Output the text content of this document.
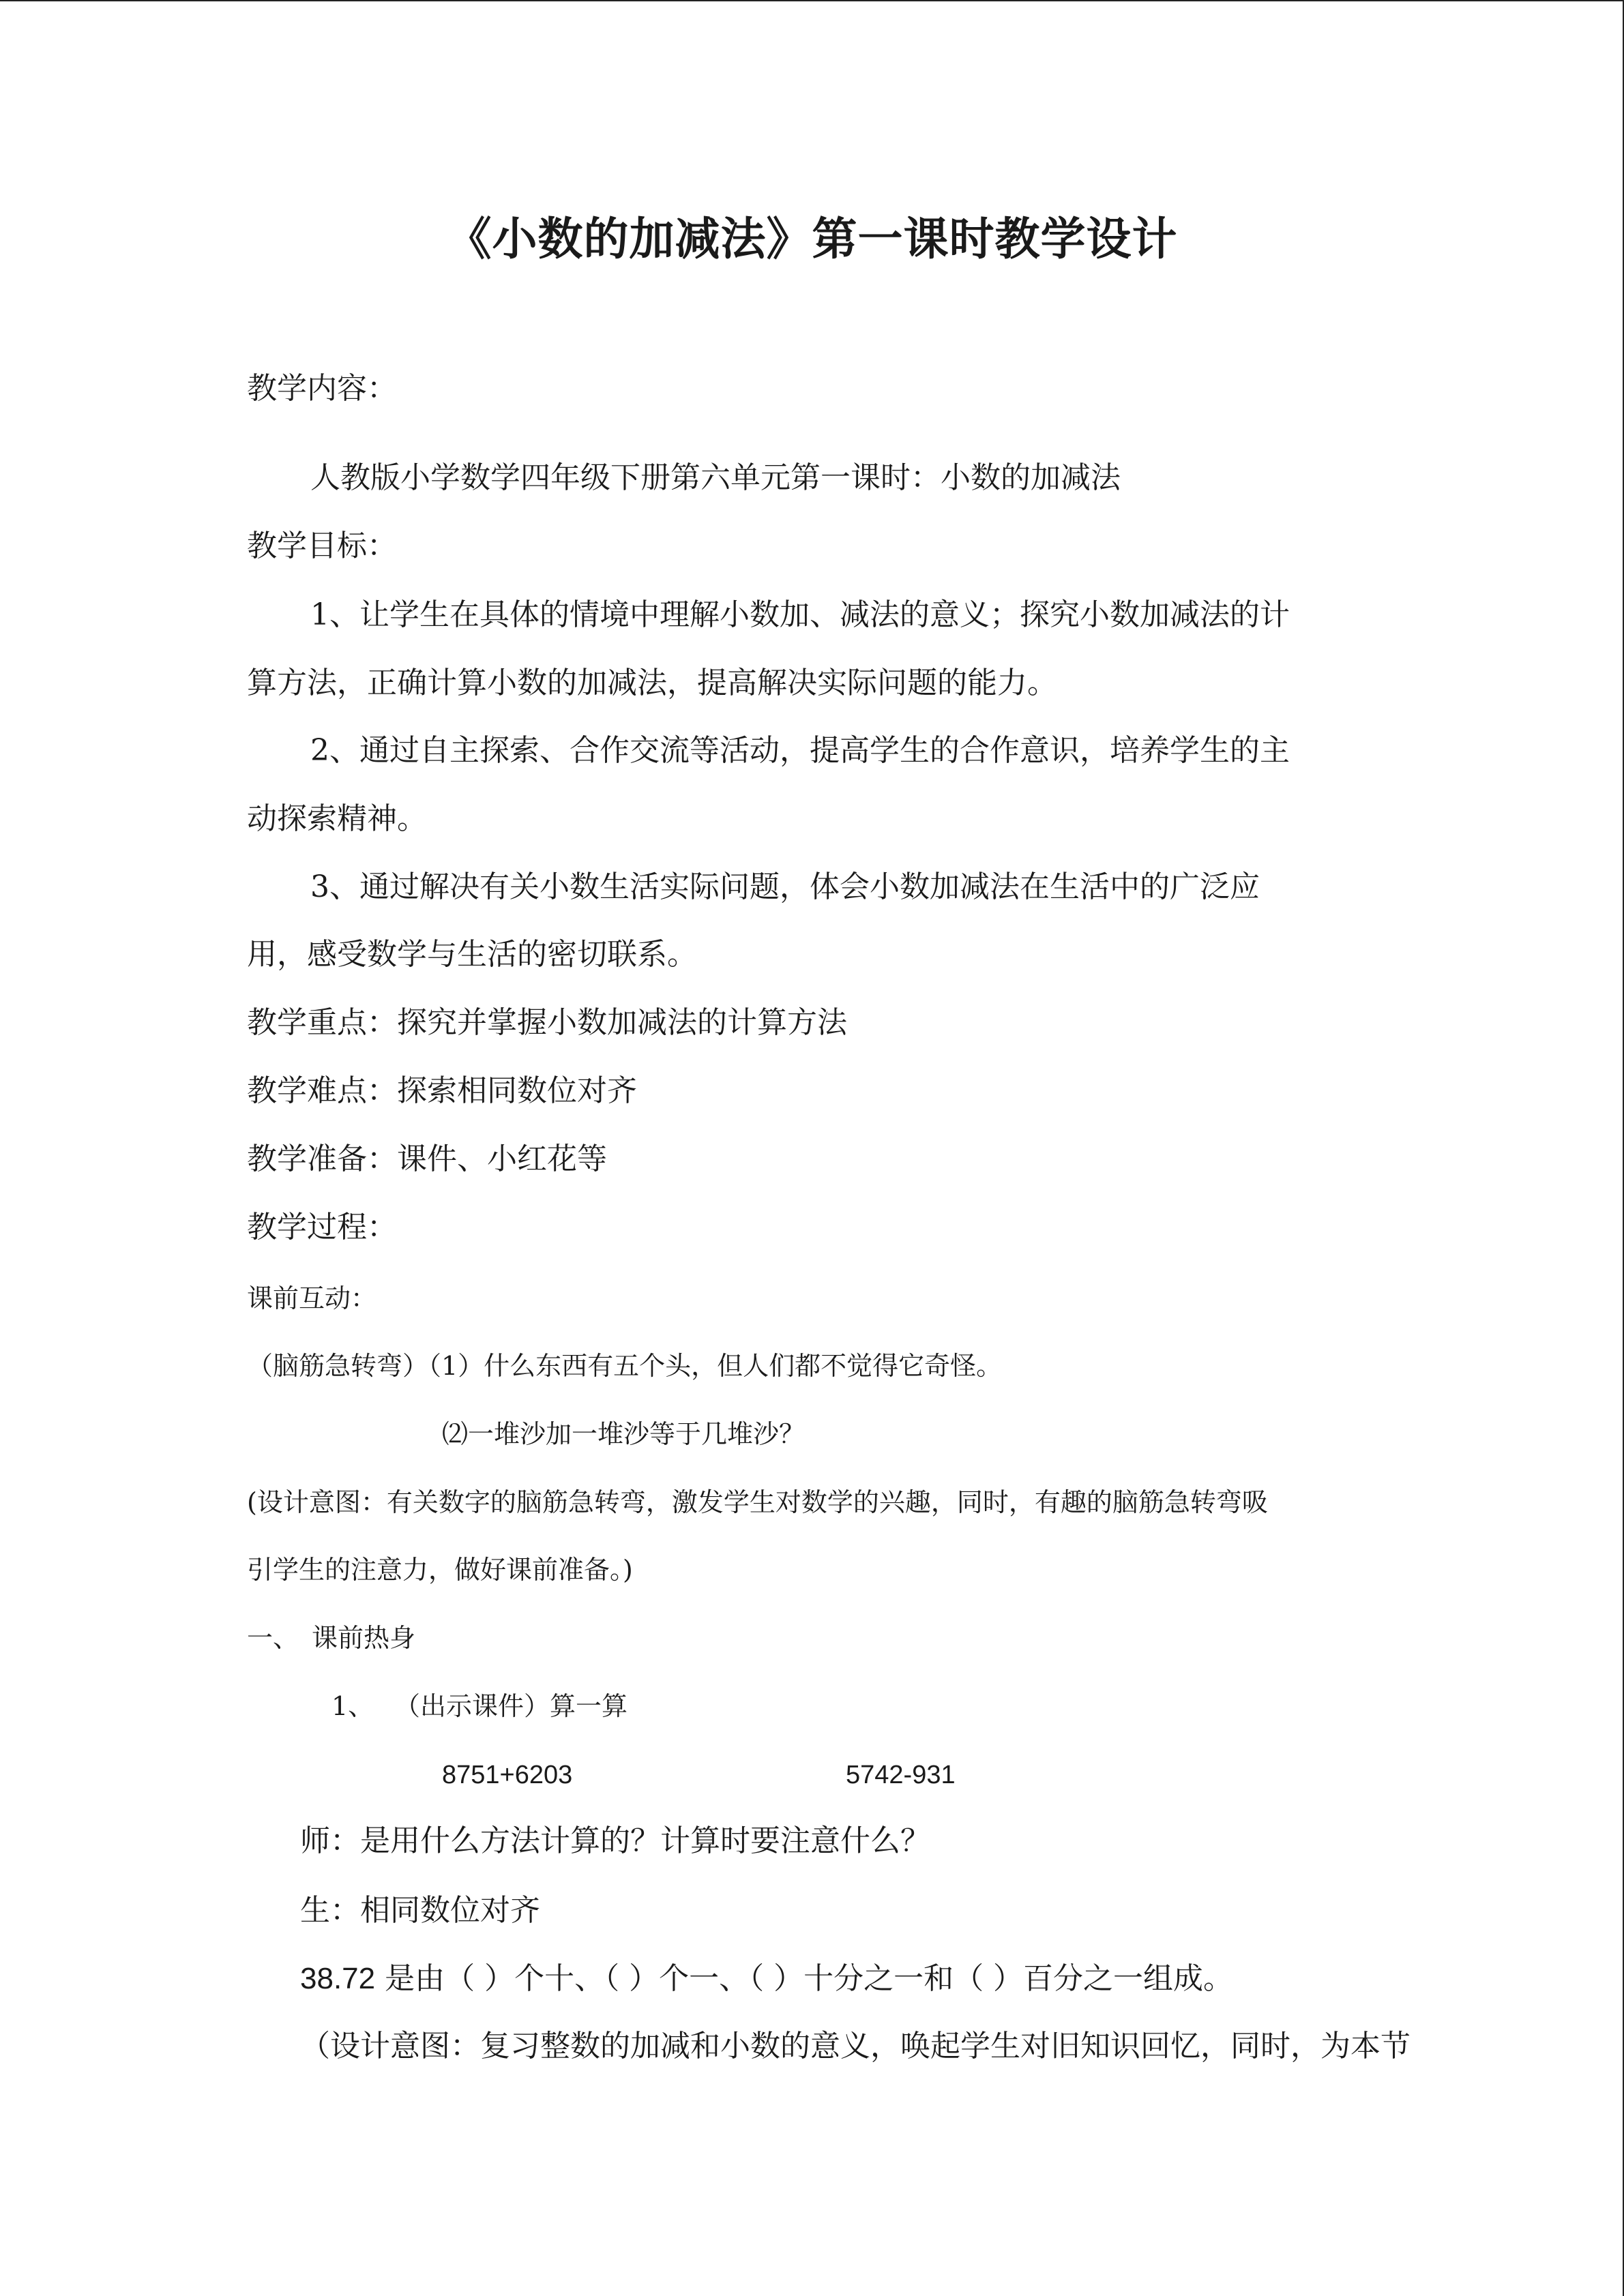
《小数的加减法》第一课时教学设计
教学内容：
人教版小学数学四年级下册第六单元第一课时：小数的加减法
教学目标：
1、让学生在具体的情境中理解小数加、减法的意义；探究小数加减法的计
算方法，正确计算小数的加减法，提高解决实际问题的能力。
2、通过自主探索、合作交流等活动，提高学生的合作意识，培养学生的主
动探索精神。
3、通过解决有关小数生活实际问题，体会小数加减法在生活中的广泛应
用，感受数学与生活的密切联系。
教学重点：探究并掌握小数加减法的计算方法
教学难点：探索相同数位对齐
教学准备：课件、小红花等
教学过程：
课前互动：
（脑筋急转弯）（1）什么东西有五个头，但人们都不觉得它奇怪。
⑵一堆沙加一堆沙等于几堆沙？
(设计意图：有关数字的脑筋急转弯，激发学生对数学的兴趣，同时，有趣的脑筋急转弯吸
引学生的注意力，做好课前准备。)
一、 课前热身
1、 （出示课件）算一算
8751+6203	5742-931
师：是用什么方法计算的？计算时要注意什么？
生：相同数位对齐
38.72 是由（ ）个十、（ ）个一、（ ）十分之一和（ ）百分之一组成。
（设计意图：复习整数的加减和小数的意义，唤起学生对旧知识回忆，同时，为本节
